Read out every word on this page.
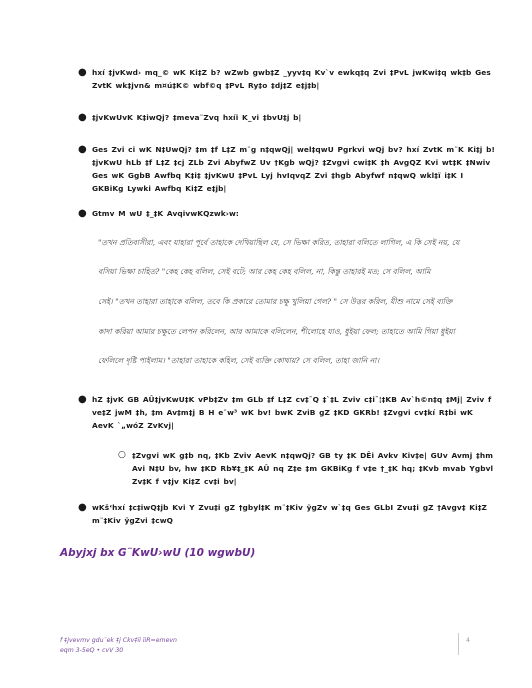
● hxí ‡jvKwd› mq_© wK Ki‡Z b? wZwb gwb‡Z _yyv‡q Kv`v ewkq‡q Zvi ‡PvL jwKwi‡q wk‡b Ges ZvtK wk‡jvn& m¤ú‡K© wbf©q ‡PvL Ry‡o ‡dj‡Z e‡j‡b|
● ‡jvKwUvK K‡iwQj? ‡meva¨Zvq hxíi K_vi ‡bvU‡j b|
● Ges Zvi ci wK N‡UwQj? ‡m ‡f L‡Z m¨g n‡qwQj| wel‡qwU Pgrkvi wQj bv? hxí ZvtK m¨K Ki‡j b! ‡jvKwU hLb ‡f L‡Z ‡cj ZLb Zvi AbyfwZ Uv †Kgb wQj? ‡Zvgvi cwi‡K ‡h AvgQZ Kvi wt‡K ‡Nwiv Ges wK GgbB Awfbq K‡i‡ ‡jvKwU ‡PvL Lyj hvIqvqZ Zvi ‡hgb Abyfwf n‡qwQ wkl‡ï i‡K I GKBiKg Lywki Awfbq Ki‡Z e‡jb|
● Gtmv M wU ‡_‡K AvqivwKQzwk›w:
"তখন প্রতিবাসীরা, এবং যাহারা পূর্বে তাহাকে দেখিয়াছিল যে, সে ভিক্ষা করিত, তাহারা বলিতে লাগিল, এ কি সেই নয়, যে
বসিয়া ভিক্ষা চাহিত? "কেহ কেহ বলিল, সেই বটে; আর কেহ কেহ বলিল, না, কিন্তু তাহারই মত; সে বলিল, আমি
সেই। "তখন তাহারা তাহাকে বলিল, তবে কি প্রকারে তোমার চক্ষু খুলিয়া গেল? " সে উত্তর করিল, যীশু নামে সেই ব্যক্তি
কাদা করিয়া আমার চক্ষুতে লেপন করিলেন, আর আমাকে বলিলেন, শীলোহে যাও, ধুইয়া ফেল; তাহাতে আমি গিয়া ধুইয়া
ফেলিলে দৃষ্টি পাইলাম। "তাহারা তাহাকে কহিল, সেই ব্যক্তি কোথায়? সে বলিল, তাহা জানি না।
● hZ ‡jvK GB AÛ‡jvKwU‡K vPb‡Zv ‡m GLb ‡f L‡Z cv‡¯Q ‡`‡L Zviv c‡i¯¦‡KB Av`h©n‡q ‡Mj| Zviv f ve‡Z jwM ‡h, ‡m Av‡m‡j B H e¨w³ wK bv! bwK ZviB gZ ‡KD GKRb! ‡Zvgvi cv‡kí R‡bi wK AevK `„wóZ ZvKvj|
○ ‡Zvgvi wK g‡b nq, ‡Kb Zviv AevK n‡qwQj? GB ty ‡K DÊi Avkv Kiv‡e| GUv Avmj ‡hm Avi N‡U bv, hw ‡KD Rb¥‡_‡K AÛ nq Z‡e ‡m GKBiKg f v‡e †_‡K hq; ‡Kvb mvab Ygbvl Zv‡K f v‡jv Ki‡Z cv‡i bv|
● wKš‘hxí ‡c‡iwQ‡jb Kvi Y Zvu‡i gZ †gbyl‡K m¨‡Kiv ÿgZv w`‡q Ges GLbI Zvu‡i gZ †Avgv‡ Ki‡Z m¨‡Kiv ÿgZvi ‡cwQ
Abyjxj bx G¨KwU›wU (10 wgwbU)
f ‡jvevmv gdu¨ek ‡j Ckv‡ïi ïiR=emevn
eqm 3-5eQ • cvV 30
4
